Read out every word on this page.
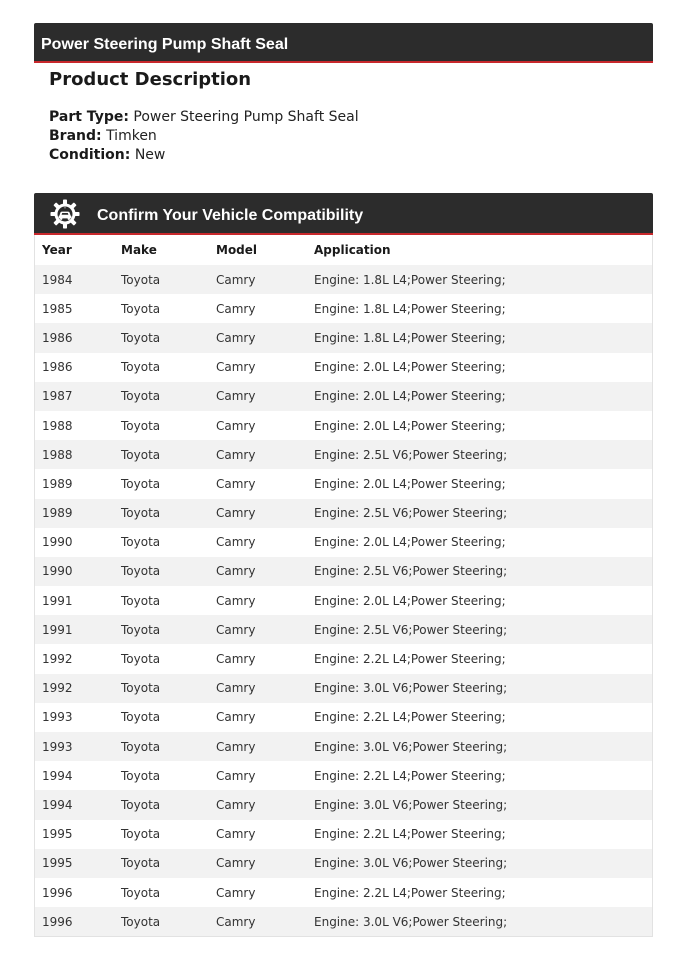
Power Steering Pump Shaft Seal
Product Description
Part Type: Power Steering Pump Shaft Seal
Brand: Timken
Condition: New
Confirm Your Vehicle Compatibility
Year	Make	Model	Application
1984	Toyota	Camry	Engine: 1.8L L4;Power Steering;
1985	Toyota	Camry	Engine: 1.8L L4;Power Steering;
1986	Toyota	Camry	Engine: 1.8L L4;Power Steering;
1986	Toyota	Camry	Engine: 2.0L L4;Power Steering;
1987	Toyota	Camry	Engine: 2.0L L4;Power Steering;
1988	Toyota	Camry	Engine: 2.0L L4;Power Steering;
1988	Toyota	Camry	Engine: 2.5L V6;Power Steering;
1989	Toyota	Camry	Engine: 2.0L L4;Power Steering;
1989	Toyota	Camry	Engine: 2.5L V6;Power Steering;
1990	Toyota	Camry	Engine: 2.0L L4;Power Steering;
1990	Toyota	Camry	Engine: 2.5L V6;Power Steering;
1991	Toyota	Camry	Engine: 2.0L L4;Power Steering;
1991	Toyota	Camry	Engine: 2.5L V6;Power Steering;
1992	Toyota	Camry	Engine: 2.2L L4;Power Steering;
1992	Toyota	Camry	Engine: 3.0L V6;Power Steering;
1993	Toyota	Camry	Engine: 2.2L L4;Power Steering;
1993	Toyota	Camry	Engine: 3.0L V6;Power Steering;
1994	Toyota	Camry	Engine: 2.2L L4;Power Steering;
1994	Toyota	Camry	Engine: 3.0L V6;Power Steering;
1995	Toyota	Camry	Engine: 2.2L L4;Power Steering;
1995	Toyota	Camry	Engine: 3.0L V6;Power Steering;
1996	Toyota	Camry	Engine: 2.2L L4;Power Steering;
1996	Toyota	Camry	Engine: 3.0L V6;Power Steering;
